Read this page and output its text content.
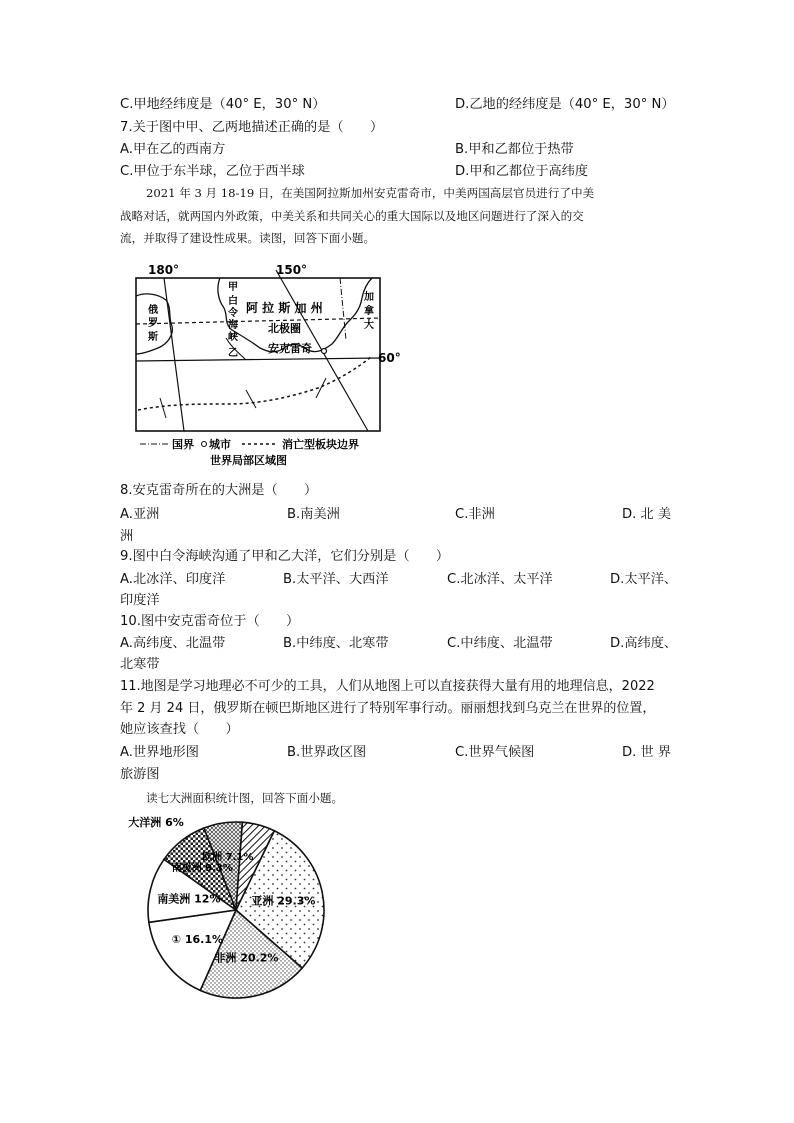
C.甲地经纬度是（40° E，30° N）	D.乙地的经纬度是（40° E，30° N）
7.关于图中甲、乙两地描述正确的是（　　）
A.甲在乙的西南方	B.甲和乙都位于热带
C.甲位于东半球，乙位于西半球	D.甲和乙都位于高纬度
2021 年 3 月 18-19 日，在美国阿拉斯加州安克雷奇市，中美两国高层官员进行了中美
战略对话，就两国内外政策，中美关系和共同关心的重大国际以及地区问题进行了深入的交
流，并取得了建设性成果。读图，回答下面小题。
180°	150°
60°
甲
白
令
海
峡
乙
阿 拉 斯 加 州
俄
罗
斯
加
拿
大
北极圈
安克雷奇
国界 城市	消亡型板块边界
世界局部区域图
8.安克雷奇所在的大洲是（　　）
A.亚洲	B.南美洲	C.非洲	D. 北 美
洲
9.图中白令海峡沟通了甲和乙大洋，它们分别是（　　）
A.北冰洋、印度洋	B.太平洋、大西洋	C.北冰洋、太平洋	D.太平洋、
印度洋
10.图中安克雷奇位于（　　）
A.高纬度、北温带	B.中纬度、北寒带	C.中纬度、北温带	D.高纬度、
北寒带
11.地图是学习地理必不可少的工具，人们从地图上可以直接获得大量有用的地理信息，2022
年 2 月 24 日，俄罗斯在顿巴斯地区进行了特别军事行动。丽丽想找到乌克兰在世界的位置，
她应该查找（　　）
A.世界地形图	B.世界政区图	C.世界气候图	D. 世 界
旅游图
读七大洲面积统计图，回答下面小题。
亚洲 29.3%
非洲 20.2%
① 16.1%
南美洲 12%
南极洲 9.3%
欧洲 7.1%
大洋洲 6%
